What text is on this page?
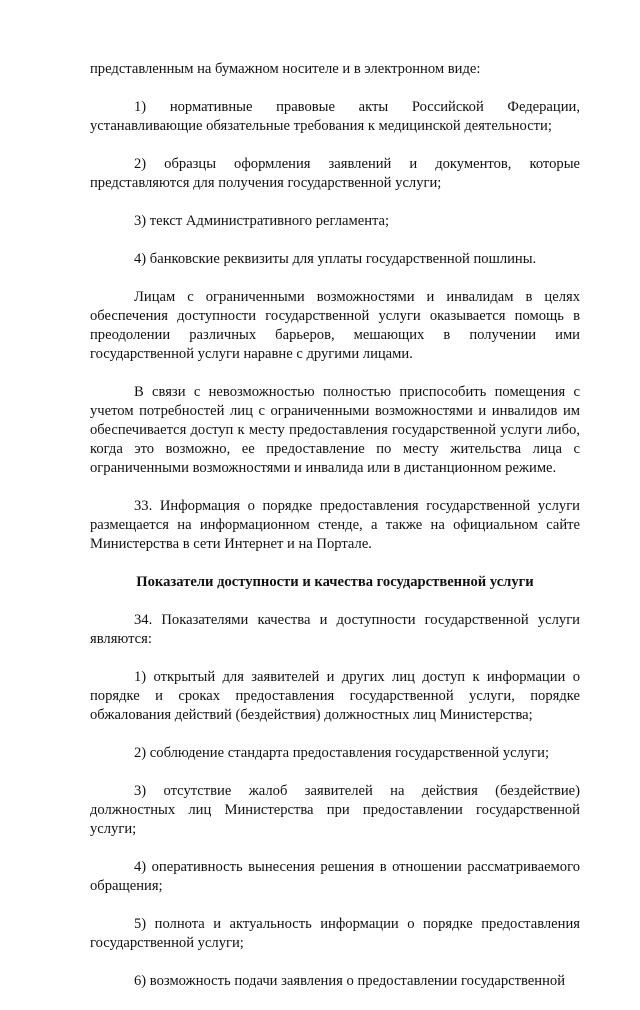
представленным на бумажном носителе и в электронном виде:

1) нормативные правовые акты Российской Федерации, устанавливающие обязательные требования к медицинской деятельности;

2) образцы оформления заявлений и документов, которые представляются для получения государственной услуги;

3) текст Административного регламента;

4) банковские реквизиты для уплаты государственной пошлины.

Лицам с ограниченными возможностями и инвалидам в целях обеспечения доступности государственной услуги оказывается помощь в преодолении различных барьеров, мешающих в получении ими государственной услуги наравне с другими лицами.

В связи с невозможностью полностью приспособить помещения с учетом потребностей лиц с ограниченными возможностями и инвалидов им обеспечивается доступ к месту предоставления государственной услуги либо, когда это возможно, ее предоставление по месту жительства лица с ограниченными возможностями и инвалида или в дистанционном режиме.

33. Информация о порядке предоставления государственной услуги размещается на информационном стенде, а также на официальном сайте Министерства в сети Интернет и на Портале.

Показатели доступности и качества государственной услуги

34. Показателями качества и доступности государственной услуги являются:

1) открытый для заявителей и других лиц доступ к информации о порядке и сроках предоставления государственной услуги, порядке обжалования действий (бездействия) должностных лиц Министерства;

2) соблюдение стандарта предоставления государственной услуги;

3) отсутствие жалоб заявителей на действия (бездействие) должностных лиц Министерства при предоставлении государственной услуги;

4) оперативность вынесения решения в отношении рассматриваемого обращения;

5) полнота и актуальность информации о порядке предоставления государственной услуги;

6) возможность подачи заявления о предоставлении государственной
